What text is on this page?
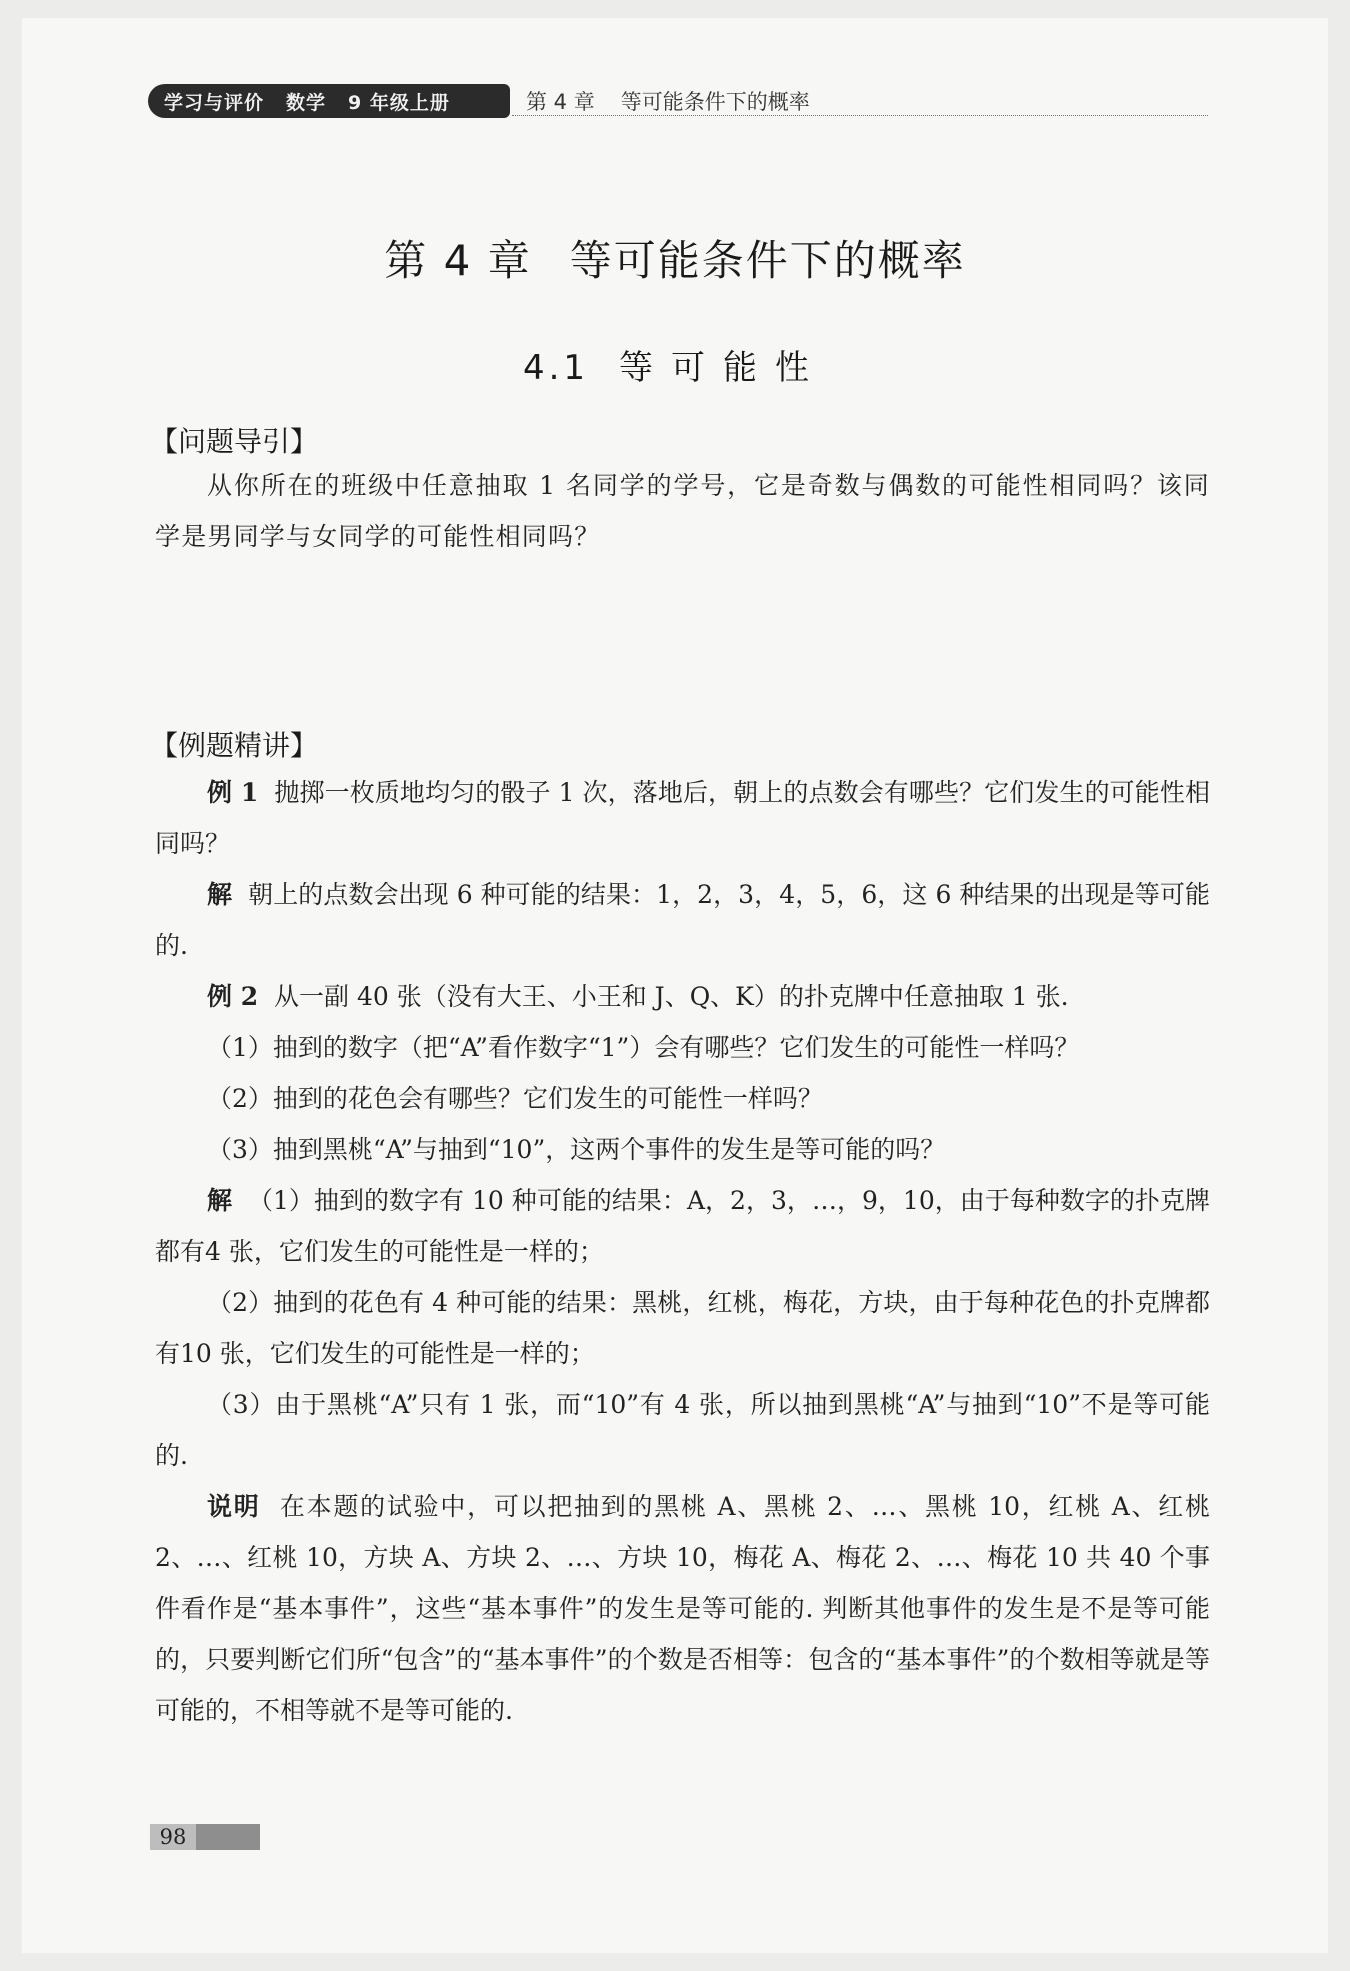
学习与评价 数学 9 年级上册	第 4 章 等可能条件下的概率
第 4 章 等可能条件下的概率
4.1 等可能性
【问题导引】
从你所在的班级中任意抽取 1 名同学的学号，它是奇数与偶数的可能性相同吗？该同学是男同学与女同学的可能性相同吗？
【例题精讲】
例 1 抛掷一枚质地均匀的骰子 1 次，落地后，朝上的点数会有哪些？它们发生的可能性相同吗？
解 朝上的点数会出现 6 种可能的结果：1，2，3，4，5，6，这 6 种结果的出现是等可能的.
例 2 从一副 40 张（没有大王、小王和 J、Q、K）的扑克牌中任意抽取 1 张.
（1）抽到的数字（把“A”看作数字“1”）会有哪些？它们发生的可能性一样吗？
（2）抽到的花色会有哪些？它们发生的可能性一样吗？
（3）抽到黑桃“A”与抽到“10”，这两个事件的发生是等可能的吗？
解 （1）抽到的数字有 10 种可能的结果：A，2，3，…，9，10，由于每种数字的扑克牌都有4 张，它们发生的可能性是一样的；
（2）抽到的花色有 4 种可能的结果：黑桃，红桃，梅花，方块，由于每种花色的扑克牌都有10 张，它们发生的可能性是一样的；
（3）由于黑桃“A”只有 1 张，而“10”有 4 张，所以抽到黑桃“A”与抽到“10”不是等可能的.
说明 在本题的试验中，可以把抽到的黑桃 A、黑桃 2、…、黑桃 10，红桃 A、红桃 2、…、红桃 10，方块 A、方块 2、…、方块 10，梅花 A、梅花 2、…、梅花 10 共 40 个事件看作是“基本事件”，这些“基本事件”的发生是等可能的. 判断其他事件的发生是不是等可能的，只要判断它们所“包含”的“基本事件”的个数是否相等：包含的“基本事件”的个数相等就是等可能的，不相等就不是等可能的.
98
